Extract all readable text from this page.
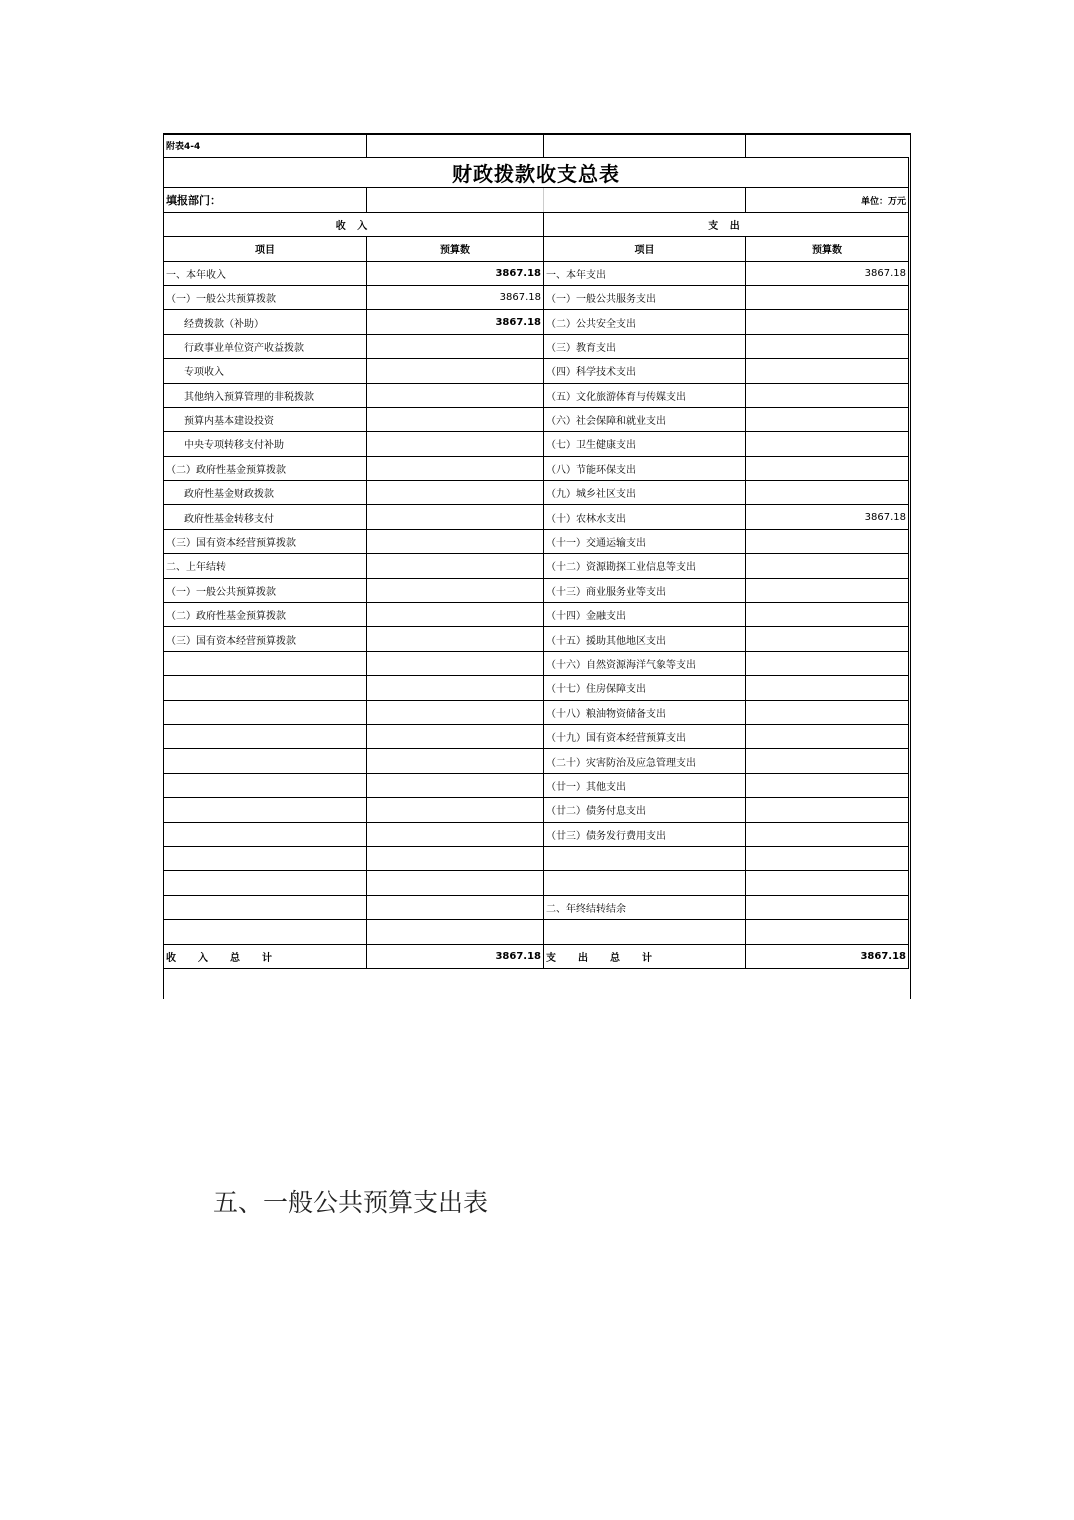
附表4-4			
财政拨款收支总表			
填报部门：			单位：万元
收 入		支 出	
项目	预算数	项目	预算数
一、本年收入	3867.18	一、本年支出	3867.18
（一）一般公共预算拨款	3867.18	（一）一般公共服务支出	
经费拨款（补助）	3867.18	（二）公共安全支出	
行政事业单位资产收益拨款		（三）教育支出	
专项收入		（四）科学技术支出	
其他纳入预算管理的非税拨款		（五）文化旅游体育与传媒支出	
预算内基本建设投资		（六）社会保障和就业支出	
中央专项转移支付补助		（七）卫生健康支出	
（二）政府性基金预算拨款		（八）节能环保支出	
政府性基金财政拨款		（九）城乡社区支出	
政府性基金转移支付		（十）农林水支出	3867.18
（三）国有资本经营预算拨款		（十一）交通运输支出	
二、上年结转		（十二）资源勘探工业信息等支出	
（一）一般公共预算拨款		（十三）商业服务业等支出	
（二）政府性基金预算拨款		（十四）金融支出	
（三）国有资本经营预算拨款		（十五）援助其他地区支出	
		（十六）自然资源海洋气象等支出	
		（十七）住房保障支出	
		（十八）粮油物资储备支出	
		（十九）国有资本经营预算支出	
		（二十）灾害防治及应急管理支出	
		（廿一）其他支出	
		（廿二）债务付息支出	
		（廿三）债务发行费用支出	

		二、年终结转结余	

收入总计	3867.18	支出总计	3867.18
五、一般公共预算支出表
